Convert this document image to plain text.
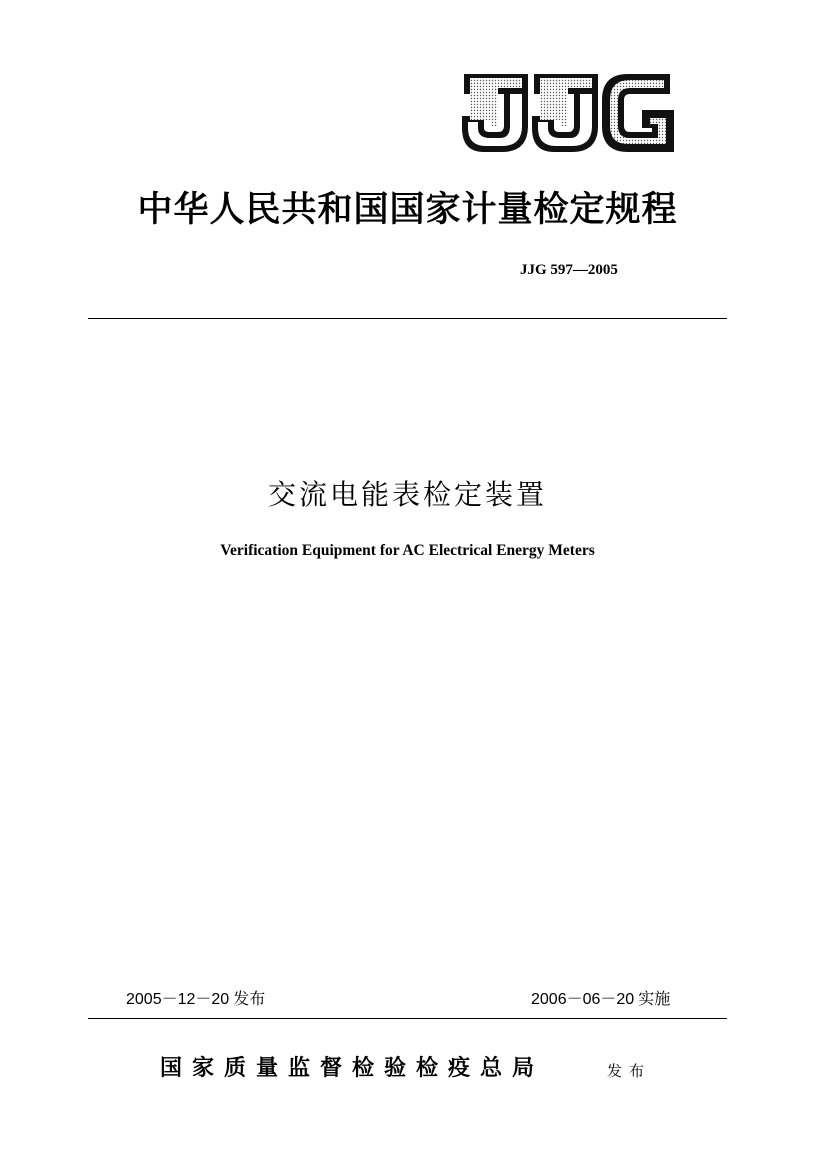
中华人民共和国国家计量检定规程
JJG 597—2005
交流电能表检定装置
Verification Equipment for AC Electrical Energy Meters
2005－12－20 发布	2006－06－20 实施
国家质量监督检验检疫总局	发布
